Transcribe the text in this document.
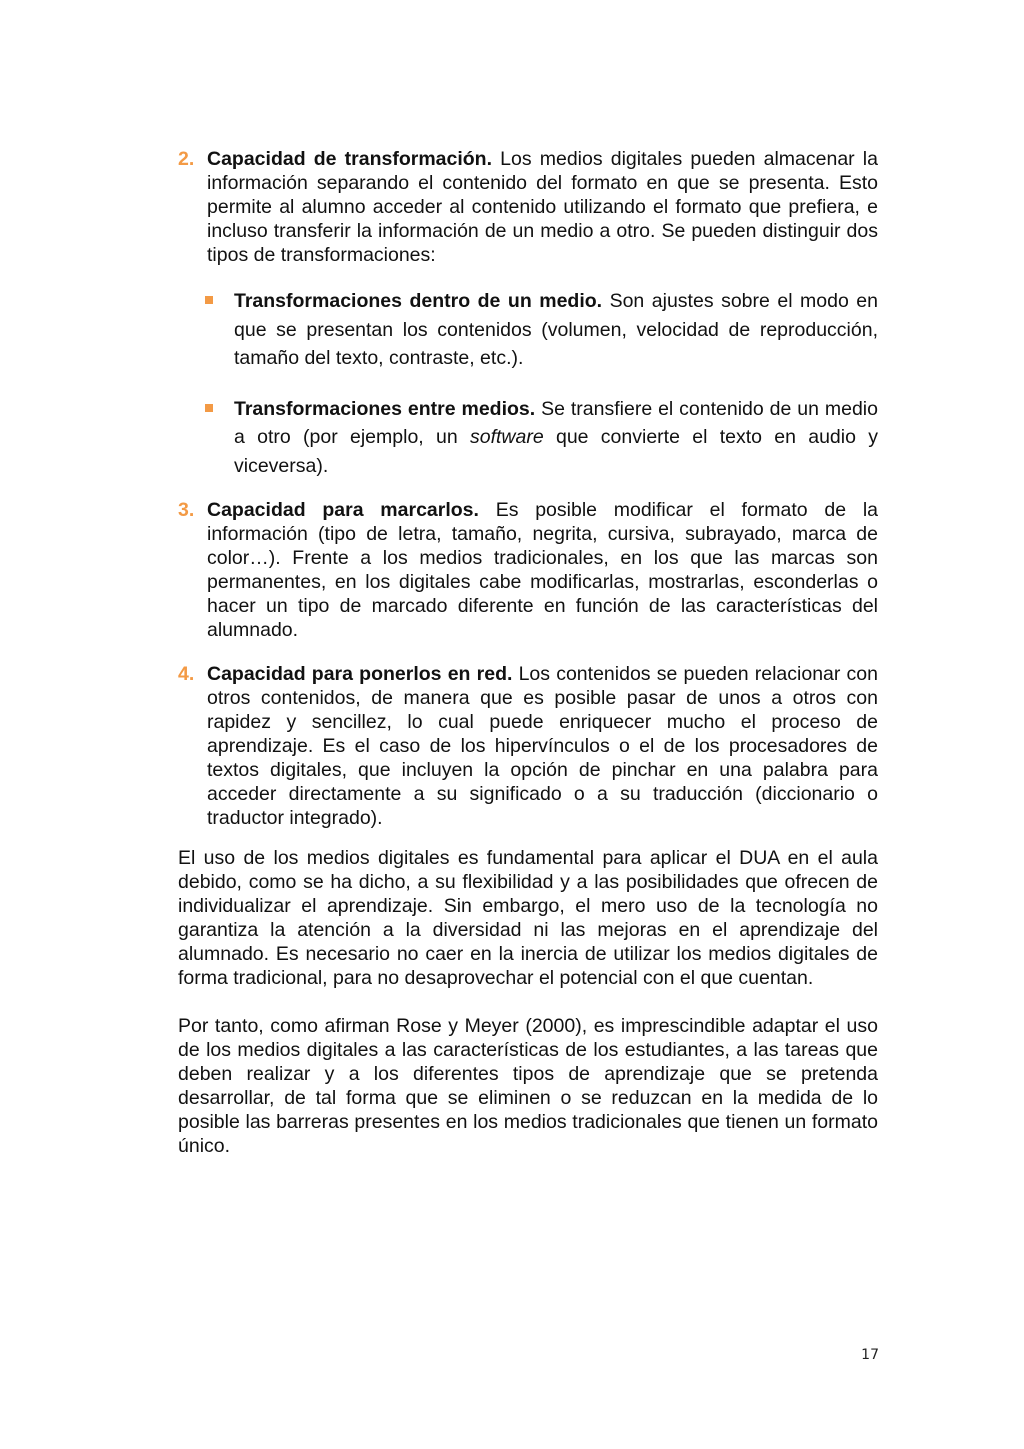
2. Capacidad de transformación. Los medios digitales pueden almacenar la información separando el contenido del formato en que se presenta. Esto permite al alumno acceder al contenido utilizando el formato que prefiera, e incluso transferir la información de un medio a otro. Se pueden distinguir dos tipos de transformaciones:
Transformaciones dentro de un medio. Son ajustes sobre el modo en que se presentan los contenidos (volumen, velocidad de reproducción, tamaño del texto, contraste, etc.).
Transformaciones entre medios. Se transfiere el contenido de un medio a otro (por ejemplo, un software que convierte el texto en audio y viceversa).
3. Capacidad para marcarlos. Es posible modificar el formato de la información (tipo de letra, tamaño, negrita, cursiva, subrayado, marca de color…). Frente a los medios tradicionales, en los que las marcas son permanentes, en los digitales cabe modificarlas, mostrarlas, esconderlas o hacer un tipo de marcado diferente en función de las características del alumnado.
4. Capacidad para ponerlos en red. Los contenidos se pueden relacionar con otros contenidos, de manera que es posible pasar de unos a otros con rapidez y sencillez, lo cual puede enriquecer mucho el proceso de aprendizaje. Es el caso de los hipervínculos o el de los procesadores de textos digitales, que incluyen la opción de pinchar en una palabra para acceder directamente a su significado o a su traducción (diccionario o traductor integrado).

El uso de los medios digitales es fundamental para aplicar el DUA en el aula debido, como se ha dicho, a su flexibilidad y a las posibilidades que ofrecen de individualizar el aprendizaje. Sin embargo, el mero uso de la tecnología no garantiza la atención a la diversidad ni las mejoras en el aprendizaje del alumnado. Es necesario no caer en la inercia de utilizar los medios digitales de forma tradicional, para no desaprovechar el potencial con el que cuentan.

Por tanto, como afirman Rose y Meyer (2000), es imprescindible adaptar el uso de los medios digitales a las características de los estudiantes, a las tareas que deben realizar y a los diferentes tipos de aprendizaje que se pretenda desarrollar, de tal forma que se eliminen o se reduzcan en la medida de lo posible las barreras presentes en los medios tradicionales que tienen un formato único.

17
